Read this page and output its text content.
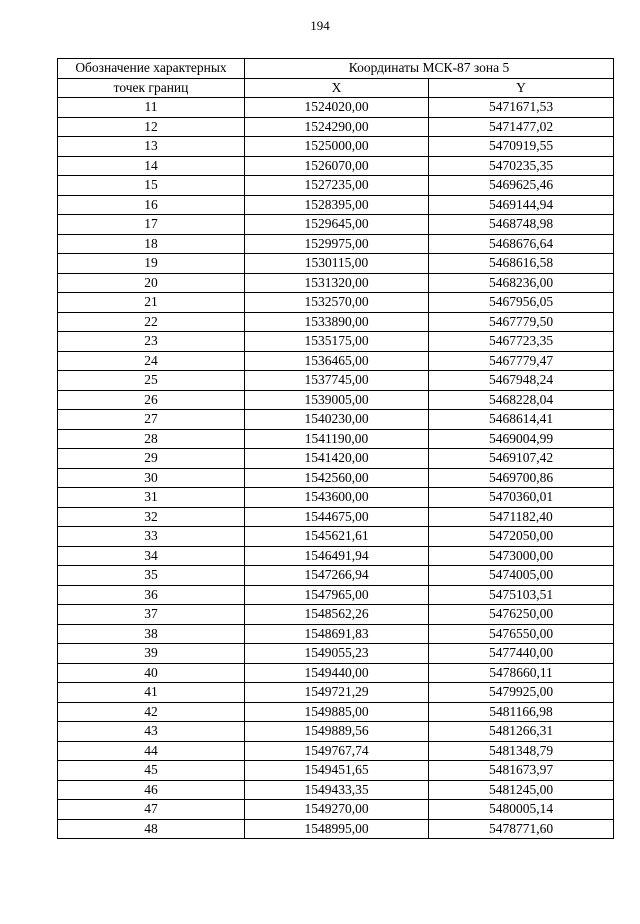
194
Обозначение характерных	Координаты МСК-87 зона 5	
точек границ	X	Y
11	1524020,00	5471671,53
12	1524290,00	5471477,02
13	1525000,00	5470919,55
14	1526070,00	5470235,35
15	1527235,00	5469625,46
16	1528395,00	5469144,94
17	1529645,00	5468748,98
18	1529975,00	5468676,64
19	1530115,00	5468616,58
20	1531320,00	5468236,00
21	1532570,00	5467956,05
22	1533890,00	5467779,50
23	1535175,00	5467723,35
24	1536465,00	5467779,47
25	1537745,00	5467948,24
26	1539005,00	5468228,04
27	1540230,00	5468614,41
28	1541190,00	5469004,99
29	1541420,00	5469107,42
30	1542560,00	5469700,86
31	1543600,00	5470360,01
32	1544675,00	5471182,40
33	1545621,61	5472050,00
34	1546491,94	5473000,00
35	1547266,94	5474005,00
36	1547965,00	5475103,51
37	1548562,26	5476250,00
38	1548691,83	5476550,00
39	1549055,23	5477440,00
40	1549440,00	5478660,11
41	1549721,29	5479925,00
42	1549885,00	5481166,98
43	1549889,56	5481266,31
44	1549767,74	5481348,79
45	1549451,65	5481673,97
46	1549433,35	5481245,00
47	1549270,00	5480005,14
48	1548995,00	5478771,60
